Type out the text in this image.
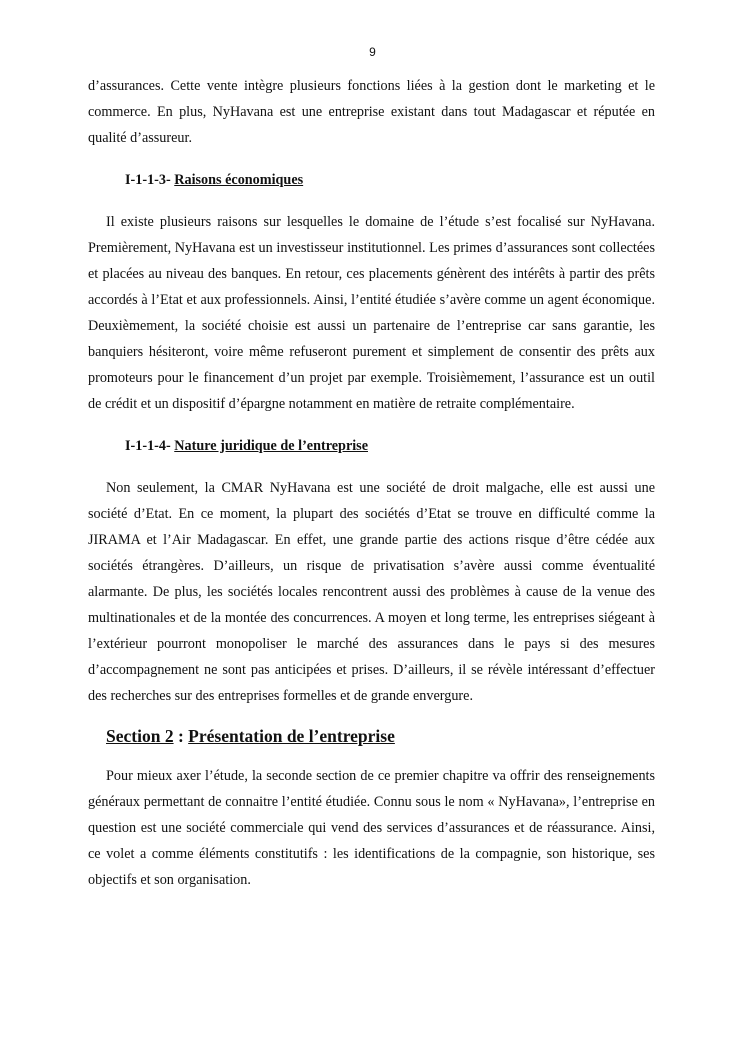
9

d’assurances. Cette vente intègre plusieurs fonctions liées à la gestion dont le marketing et le commerce. En plus, NyHavana est une entreprise existant dans tout Madagascar et réputée en qualité d’assureur.

I-1-1-3- Raisons économiques

Il existe plusieurs raisons sur lesquelles le domaine de l’étude s’est focalisé sur NyHavana. Premièrement, NyHavana est un investisseur institutionnel. Les primes d’assurances sont collectées et placées au niveau des banques. En retour, ces placements génèrent des intérêts à partir des prêts accordés à l’Etat et aux professionnels. Ainsi, l’entité étudiée s’avère comme un agent économique. Deuxièmement, la société choisie est aussi un partenaire de l’entreprise car sans garantie, les banquiers hésiteront, voire même refuseront purement et simplement de consentir des prêts aux promoteurs pour le financement d’un projet par exemple. Troisièmement, l’assurance est un outil de crédit et un dispositif d’épargne notamment en matière de retraite complémentaire.

I-1-1-4- Nature juridique de l’entreprise

Non seulement, la CMAR NyHavana est une société de droit malgache, elle est aussi une société d’Etat. En ce moment, la plupart des sociétés d’Etat se trouve en difficulté comme la JIRAMA et l’Air Madagascar. En effet, une grande partie des actions risque d’être cédée aux sociétés étrangères. D’ailleurs, un risque de privatisation s’avère aussi comme éventualité alarmante. De plus, les sociétés locales rencontrent aussi des problèmes à cause de la venue des multinationales et de la montée des concurrences. A moyen et long terme, les entreprises siégeant à l’extérieur pourront monopoliser le marché des assurances dans le pays si des mesures d’accompagnement ne sont pas anticipées et prises. D’ailleurs, il se révèle intéressant d’effectuer des recherches sur des entreprises formelles et de grande envergure.

Section 2 : Présentation de l’entreprise

Pour mieux axer l’étude, la seconde section de ce premier chapitre va offrir des renseignements généraux permettant de connaitre l’entité étudiée. Connu sous le nom « NyHavana», l’entreprise en question est une société commerciale qui vend des services d’assurances et de réassurance. Ainsi, ce volet a comme éléments constitutifs : les identifications de la compagnie, son historique, ses objectifs et son organisation.
